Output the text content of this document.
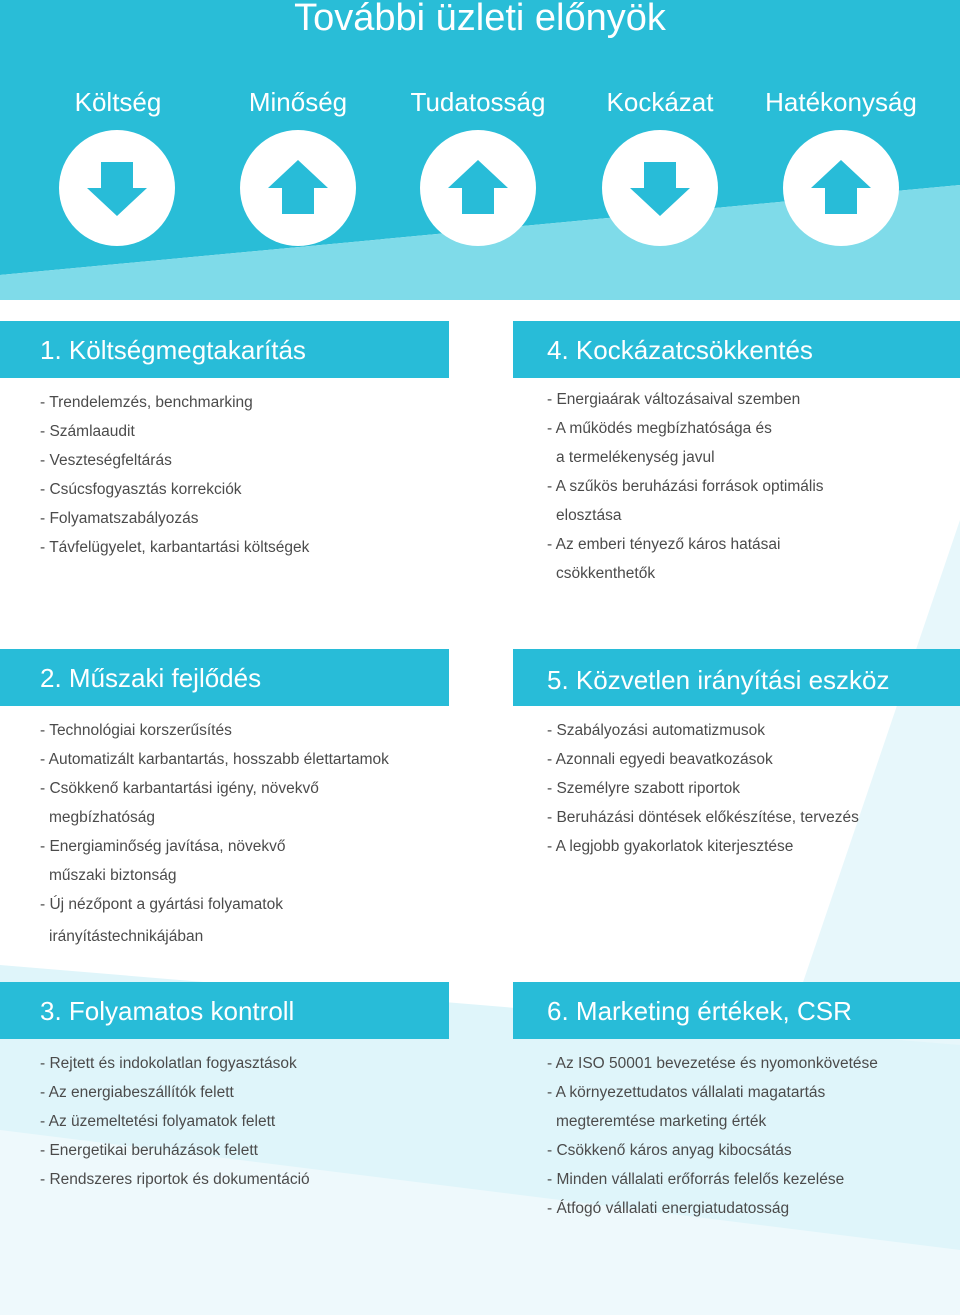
További üzleti előnyök
Költség	Minőség	Tudatosság	Kockázat	Hatékonyság
1. Költségmegtakarítás
- Trendelemzés, benchmarking
- Számlaaudit
- Veszteségfeltárás
- Csúcsfogyasztás korrekciók
- Folyamatszabályozás
- Távfelügyelet, karbantartási költségek
4. Kockázatcsökkentés
- Energiaárak változásaival szemben
- A működés megbízhatósága és
a termelékenység javul
- A szűkös beruházási források optimális
elosztása
- Az emberi tényező káros hatásai
csökkenthetők
2. Műszaki fejlődés
- Technológiai korszerűsítés
- Automatizált karbantartás, hosszabb élettartamok
- Csökkenő karbantartási igény, növekvő
megbízhatóság
- Energiaminőség javítása, növekvő
műszaki biztonság
- Új nézőpont a gyártási folyamatok
irányítástechnikájában
5. Közvetlen irányítási eszköz
- Szabályozási automatizmusok
- Azonnali egyedi beavatkozások
- Személyre szabott riportok
- Beruházási döntések előkészítése, tervezés
- A legjobb gyakorlatok kiterjesztése
3. Folyamatos kontroll
- Rejtett és indokolatlan fogyasztások
- Az energiabeszállítók felett
- Az üzemeltetési folyamatok felett
- Energetikai beruházások felett
- Rendszeres riportok és dokumentáció
6. Marketing értékek, CSR
- Az ISO 50001 bevezetése és nyomonkövetése
- A környezettudatos vállalati magatartás
megteremtése marketing érték
- Csökkenő káros anyag kibocsátás
- Minden vállalati erőforrás felelős kezelése
- Átfogó vállalati energiatudatosság
